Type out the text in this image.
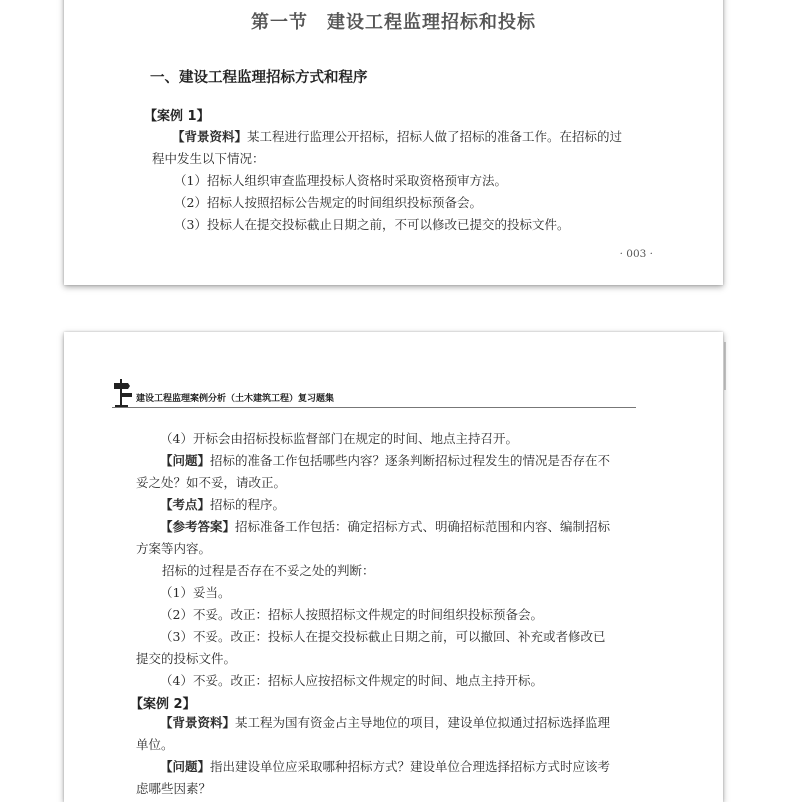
第一节　建设工程监理招标和投标
一、建设工程监理招标方式和程序
【案例 1】
【背景资料】某工程进行监理公开招标，招标人做了招标的准备工作。在招标的过
程中发生以下情况：
（1）招标人组织审查监理投标人资格时采取资格预审方法。
（2）招标人按照招标公告规定的时间组织投标预备会。
（3）投标人在提交投标截止日期之前，不可以修改已提交的投标文件。
· 003 ·
建设工程监理案例分析（土木建筑工程）复习题集
（4）开标会由招标投标监督部门在规定的时间、地点主持召开。
【问题】招标的准备工作包括哪些内容？逐条判断招标过程发生的情况是否存在不
妥之处？如不妥，请改正。
【考点】招标的程序。
【参考答案】招标准备工作包括：确定招标方式、明确招标范围和内容、编制招标
方案等内容。
招标的过程是否存在不妥之处的判断：
（1）妥当。
（2）不妥。改正：招标人按照招标文件规定的时间组织投标预备会。
（3）不妥。改正：投标人在提交投标截止日期之前，可以撤回、补充或者修改已
提交的投标文件。
（4）不妥。改正：招标人应按招标文件规定的时间、地点主持开标。
【案例 2】
【背景资料】某工程为国有资金占主导地位的项目，建设单位拟通过招标选择监理
单位。
【问题】指出建设单位应采取哪种招标方式？建设单位合理选择招标方式时应该考
虑哪些因素？
